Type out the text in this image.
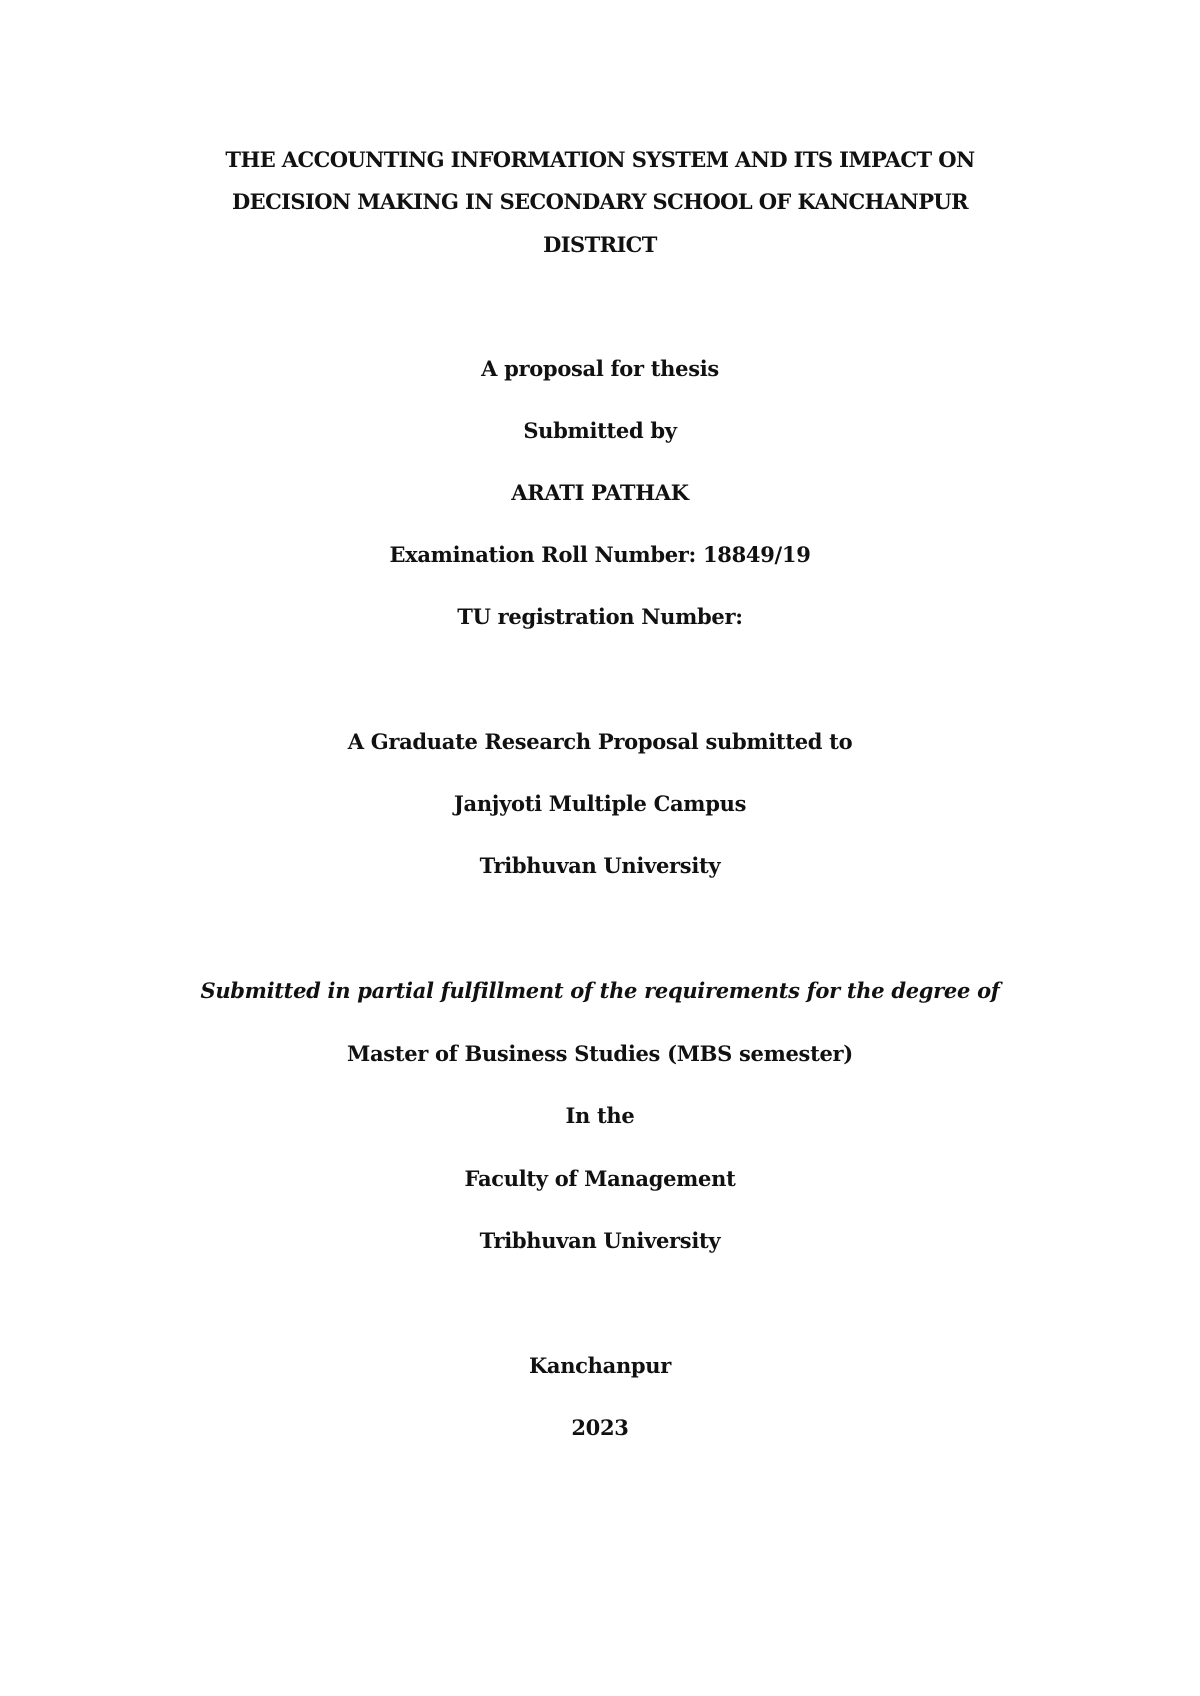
THE ACCOUNTING INFORMATION SYSTEM AND ITS IMPACT ON
DECISION MAKING IN SECONDARY SCHOOL OF KANCHANPUR
DISTRICT
A proposal for thesis
Submitted by
ARATI PATHAK
Examination Roll Number: 18849/19
TU registration Number:
A Graduate Research Proposal submitted to
Janjyoti Multiple Campus
Tribhuvan University
Submitted in partial fulfillment of the requirements for the degree of
Master of Business Studies (MBS semester)
In the
Faculty of Management
Tribhuvan University
Kanchanpur
2023
